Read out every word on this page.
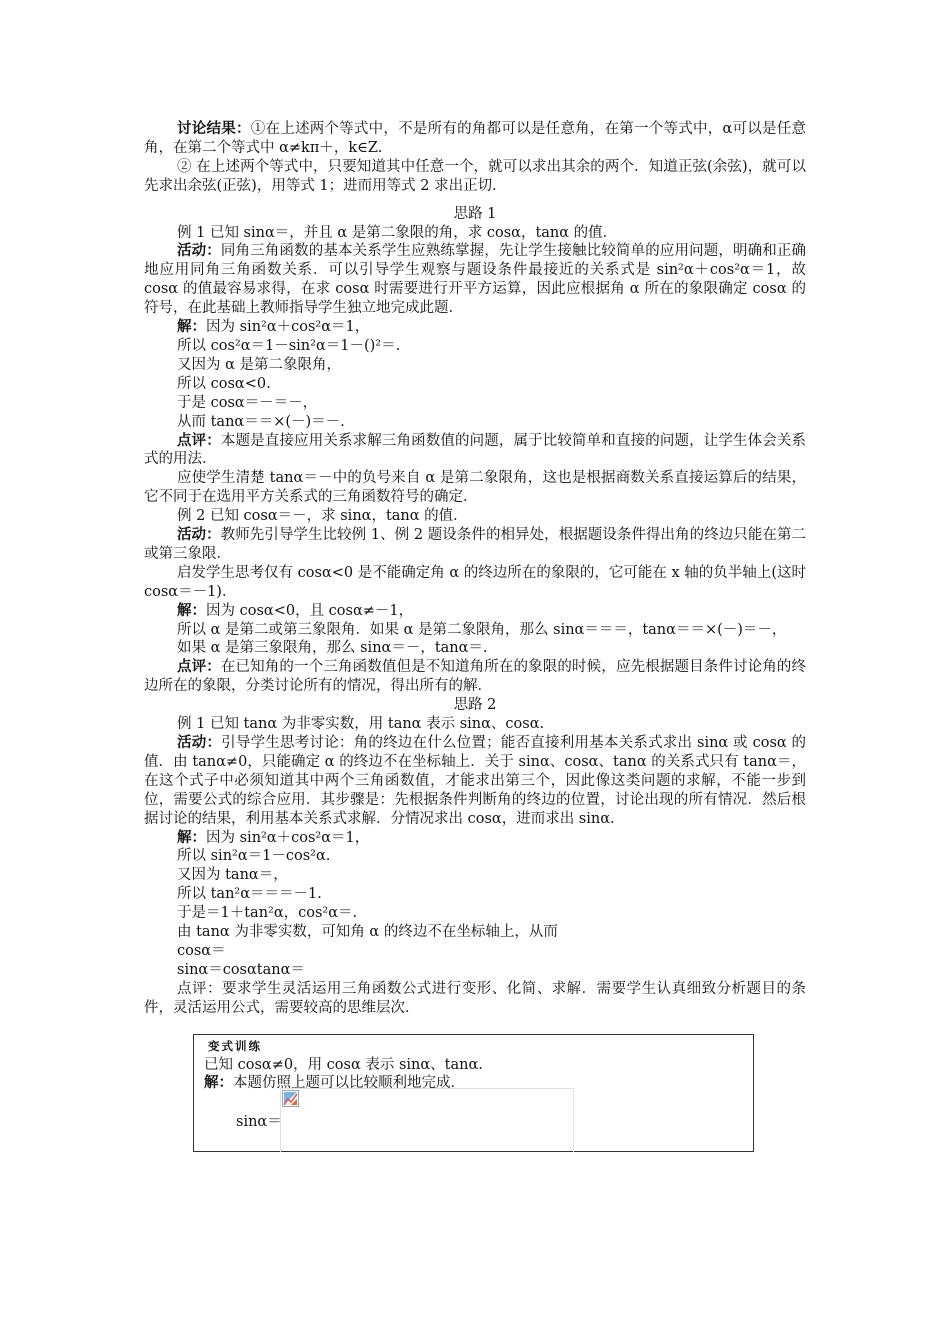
讨论结果：①在上述两个等式中，不是所有的角都可以是任意角，在第一个等式中，α可以是任意角，在第二个等式中 α≠kπ＋，k∈Z.

② 在上述两个等式中，只要知道其中任意一个，就可以求出其余的两个．知道正弦(余弦)，就可以先求出余弦(正弦)，用等式 1；进而用等式 2 求出正切．

思路 1

例 1 已知 sinα＝，并且 α 是第二象限的角，求 cosα，tanα 的值．

活动：同角三角函数的基本关系学生应熟练掌握，先让学生接触比较简单的应用问题，明确和正确地应用同角三角函数关系．可以引导学生观察与题设条件最接近的关系式是 sin²α＋cos²α＝1，故 cosα 的值最容易求得，在求 cosα 时需要进行开平方运算，因此应根据角 α 所在的象限确定 cosα 的符号，在此基础上教师指导学生独立地完成此题．

解：因为 sin²α＋cos²α＝1，

所以 cos²α＝1－sin²α＝1－()²＝.

又因为 α 是第二象限角，

所以 cosα<0.

于是 cosα＝－＝－，

从而 tanα＝＝×(－)＝－.

点评：本题是直接应用关系求解三角函数值的问题，属于比较简单和直接的问题，让学生体会关系式的用法．

应使学生清楚 tanα＝－中的负号来自 α 是第二象限角，这也是根据商数关系直接运算后的结果，它不同于在选用平方关系式的三角函数符号的确定．

例 2 已知 cosα＝－，求 sinα，tanα 的值．

活动：教师先引导学生比较例 1、例 2 题设条件的相异处，根据题设条件得出角的终边只能在第二或第三象限．

启发学生思考仅有 cosα<0 是不能确定角 α 的终边所在的象限的，它可能在 x 轴的负半轴上(这时 cosα＝－1)．

解：因为 cosα<0，且 cosα≠－1，

所以 α 是第二或第三象限角．如果 α 是第二象限角，那么 sinα＝＝＝，tanα＝＝×(－)＝－，

如果 α 是第三象限角，那么 sinα＝－，tanα＝.

点评：在已知角的一个三角函数值但是不知道角所在的象限的时候，应先根据题目条件讨论角的终边所在的象限，分类讨论所有的情况，得出所有的解．

思路 2

例 1 已知 tanα 为非零实数，用 tanα 表示 sinα、cosα.

活动：引导学生思考讨论：角的终边在什么位置；能否直接利用基本关系式求出 sinα 或 cosα 的值．由 tanα≠0，只能确定 α 的终边不在坐标轴上．关于 sinα、cosα、tanα 的关系式只有 tanα＝，在这个式子中必须知道其中两个三角函数值，才能求出第三个，因此像这类问题的求解，不能一步到位，需要公式的综合应用．其步骤是：先根据条件判断角的终边的位置，讨论出现的所有情况．然后根据讨论的结果，利用基本关系式求解．分情况求出 cosα，进而求出 sinα.

解：因为 sin²α＋cos²α＝1，

所以 sin²α＝1－cos²α.

又因为 tanα＝，

所以 tan²α＝＝＝－1.

于是＝1＋tan²α，cos²α＝.

由 tanα 为非零实数，可知角 α 的终边不在坐标轴上，从而

cosα＝

sinα＝cosαtanα＝

点评：要求学生灵活运用三角函数公式进行变形、化简、求解．需要学生认真细致分析题目的条件，灵活运用公式，需要较高的思维层次．

变式训练
已知 cosα≠0，用 cosα 表示 sinα、tanα.
解：本题仿照上题可以比较顺利地完成．
sinα＝
